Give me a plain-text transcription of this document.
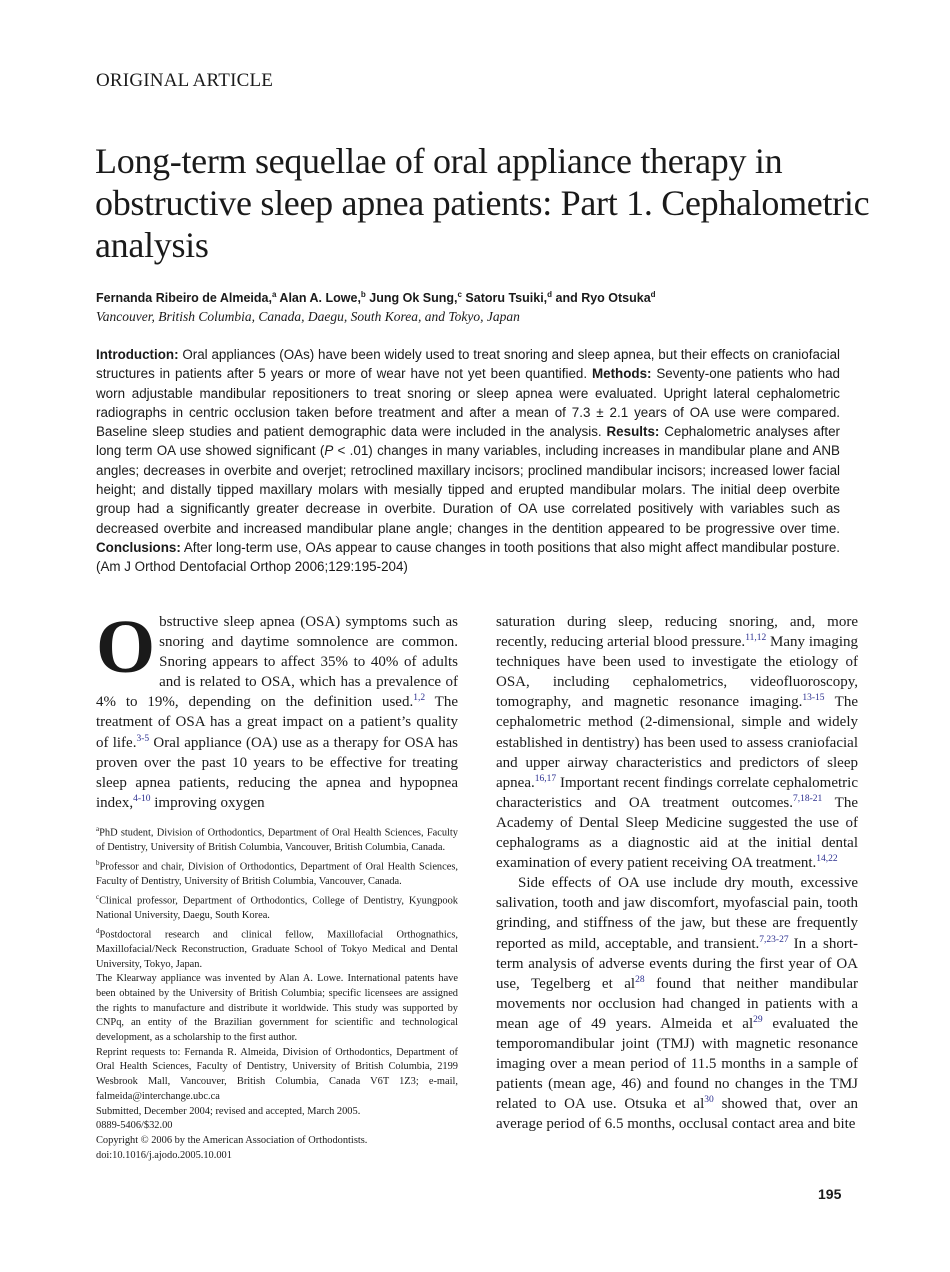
ORIGINAL ARTICLE
Long-term sequellae of oral appliance therapy in obstructive sleep apnea patients: Part 1. Cephalometric analysis
Fernanda Ribeiro de Almeida,$^a$ Alan A. Lowe,$^b$ Jung Ok Sung,$^c$ Satoru Tsuiki,$^d$ and Ryo Otsuka$^d$
Vancouver, British Columbia, Canada, Daegu, South Korea, and Tokyo, Japan

Introduction: Oral appliances (OAs) have been widely used to treat snoring and sleep apnea, but their effects on craniofacial structures in patients after 5 years or more of wear have not yet been quantified. Methods: Seventy-one patients who had worn adjustable mandibular repositioners to treat snoring or sleep apnea were evaluated. Upright lateral cephalometric radiographs in centric occlusion taken before treatment and after a mean of 7.3 ± 2.1 years of OA use were compared. Baseline sleep studies and patient demographic data were included in the analysis. Results: Cephalometric analyses after long term OA use showed significant (P < .01) changes in many variables, including increases in mandibular plane and ANB angles; decreases in overbite and overjet; retroclined maxillary incisors; proclined mandibular incisors; increased lower facial height; and distally tipped maxillary molars with mesially tipped and erupted mandibular molars. The initial deep overbite group had a significantly greater decrease in overbite. Duration of OA use correlated positively with variables such as decreased overbite and increased mandibular plane angle; changes in the dentition appeared to be progressive over time. Conclusions: After long-term use, OAs appear to cause changes in tooth positions that also might affect mandibular posture. (Am J Orthod Dentofacial Orthop 2006;129:195-204)

Obstructive sleep apnea (OSA) symptoms such as snoring and daytime somnolence are common. Snoring appears to affect 35% to 40% of adults and is related to OSA, which has a prevalence of 4% to 19%, depending on the definition used.$^{1,2}$ The treatment of OSA has a great impact on a patient’s quality of life.$^{3-5}$ Oral appliance (OA) use as a therapy for OSA has proven over the past 10 years to be effective for treating sleep apnea patients, reducing the apnea and hypopnea index,$^{4-10}$ improving oxygen

$^a$PhD student, Division of Orthodontics, Department of Oral Health Sciences, Faculty of Dentistry, University of British Columbia, Vancouver, British Columbia, Canada.

$^b$Professor and chair, Division of Orthodontics, Department of Oral Health Sciences, Faculty of Dentistry, University of British Columbia, Vancouver, Canada.

$^c$Clinical professor, Department of Orthodontics, College of Dentistry, Kyungpook National University, Daegu, South Korea.

$^d$Postdoctoral research and clinical fellow, Maxillofacial Orthognathics, Maxillofacial/Neck Reconstruction, Graduate School of Tokyo Medical and Dental University, Tokyo, Japan.

The Klearway appliance was invented by Alan A. Lowe. International patents have been obtained by the University of British Columbia; specific licensees are assigned the rights to manufacture and distribute it worldwide. This study was supported by CNPq, an entity of the Brazilian government for scientific and technological development, as a scholarship to the first author.

Reprint requests to: Fernanda R. Almeida, Division of Orthodontics, Department of Oral Health Sciences, Faculty of Dentistry, University of British Columbia, 2199 Wesbrook Mall, Vancouver, British Columbia, Canada V6T 1Z3; e-mail, falmeida@interchange.ubc.ca

Submitted, December 2004; revised and accepted, March 2005.

0889-5406/$32.00

Copyright © 2006 by the American Association of Orthodontists.

doi:10.1016/j.ajodo.2005.10.001

saturation during sleep, reducing snoring, and, more recently, reducing arterial blood pressure.$^{11,12}$ Many imaging techniques have been used to investigate the etiology of OSA, including cephalometrics, videofluoroscopy, tomography, and magnetic resonance imaging.$^{13-15}$ The cephalometric method (2-dimensional, simple and widely established in dentistry) has been used to assess craniofacial and upper airway characteristics and predictors of sleep apnea.$^{16,17}$ Important recent findings correlate cephalometric characteristics and OA treatment outcomes.$^{7,18-21}$ The Academy of Dental Sleep Medicine suggested the use of cephalograms as a diagnostic aid at the initial dental examination of every patient receiving OA treatment.$^{14,22}$

Side effects of OA use include dry mouth, excessive salivation, tooth and jaw discomfort, myofascial pain, tooth grinding, and stiffness of the jaw, but these are frequently reported as mild, acceptable, and transient.$^{7,23-27}$ In a short-term analysis of adverse events during the first year of OA use, Tegelberg et al$^{28}$ found that neither mandibular movements nor occlusion had changed in patients with a mean age of 49 years. Almeida et al$^{29}$ evaluated the temporomandibular joint (TMJ) with magnetic resonance imaging over a mean period of 11.5 months in a sample of patients (mean age, 46) and found no changes in the TMJ related to OA use. Otsuka et al$^{30}$ showed that, over an average period of 6.5 months, occlusal contact area and bite

195
